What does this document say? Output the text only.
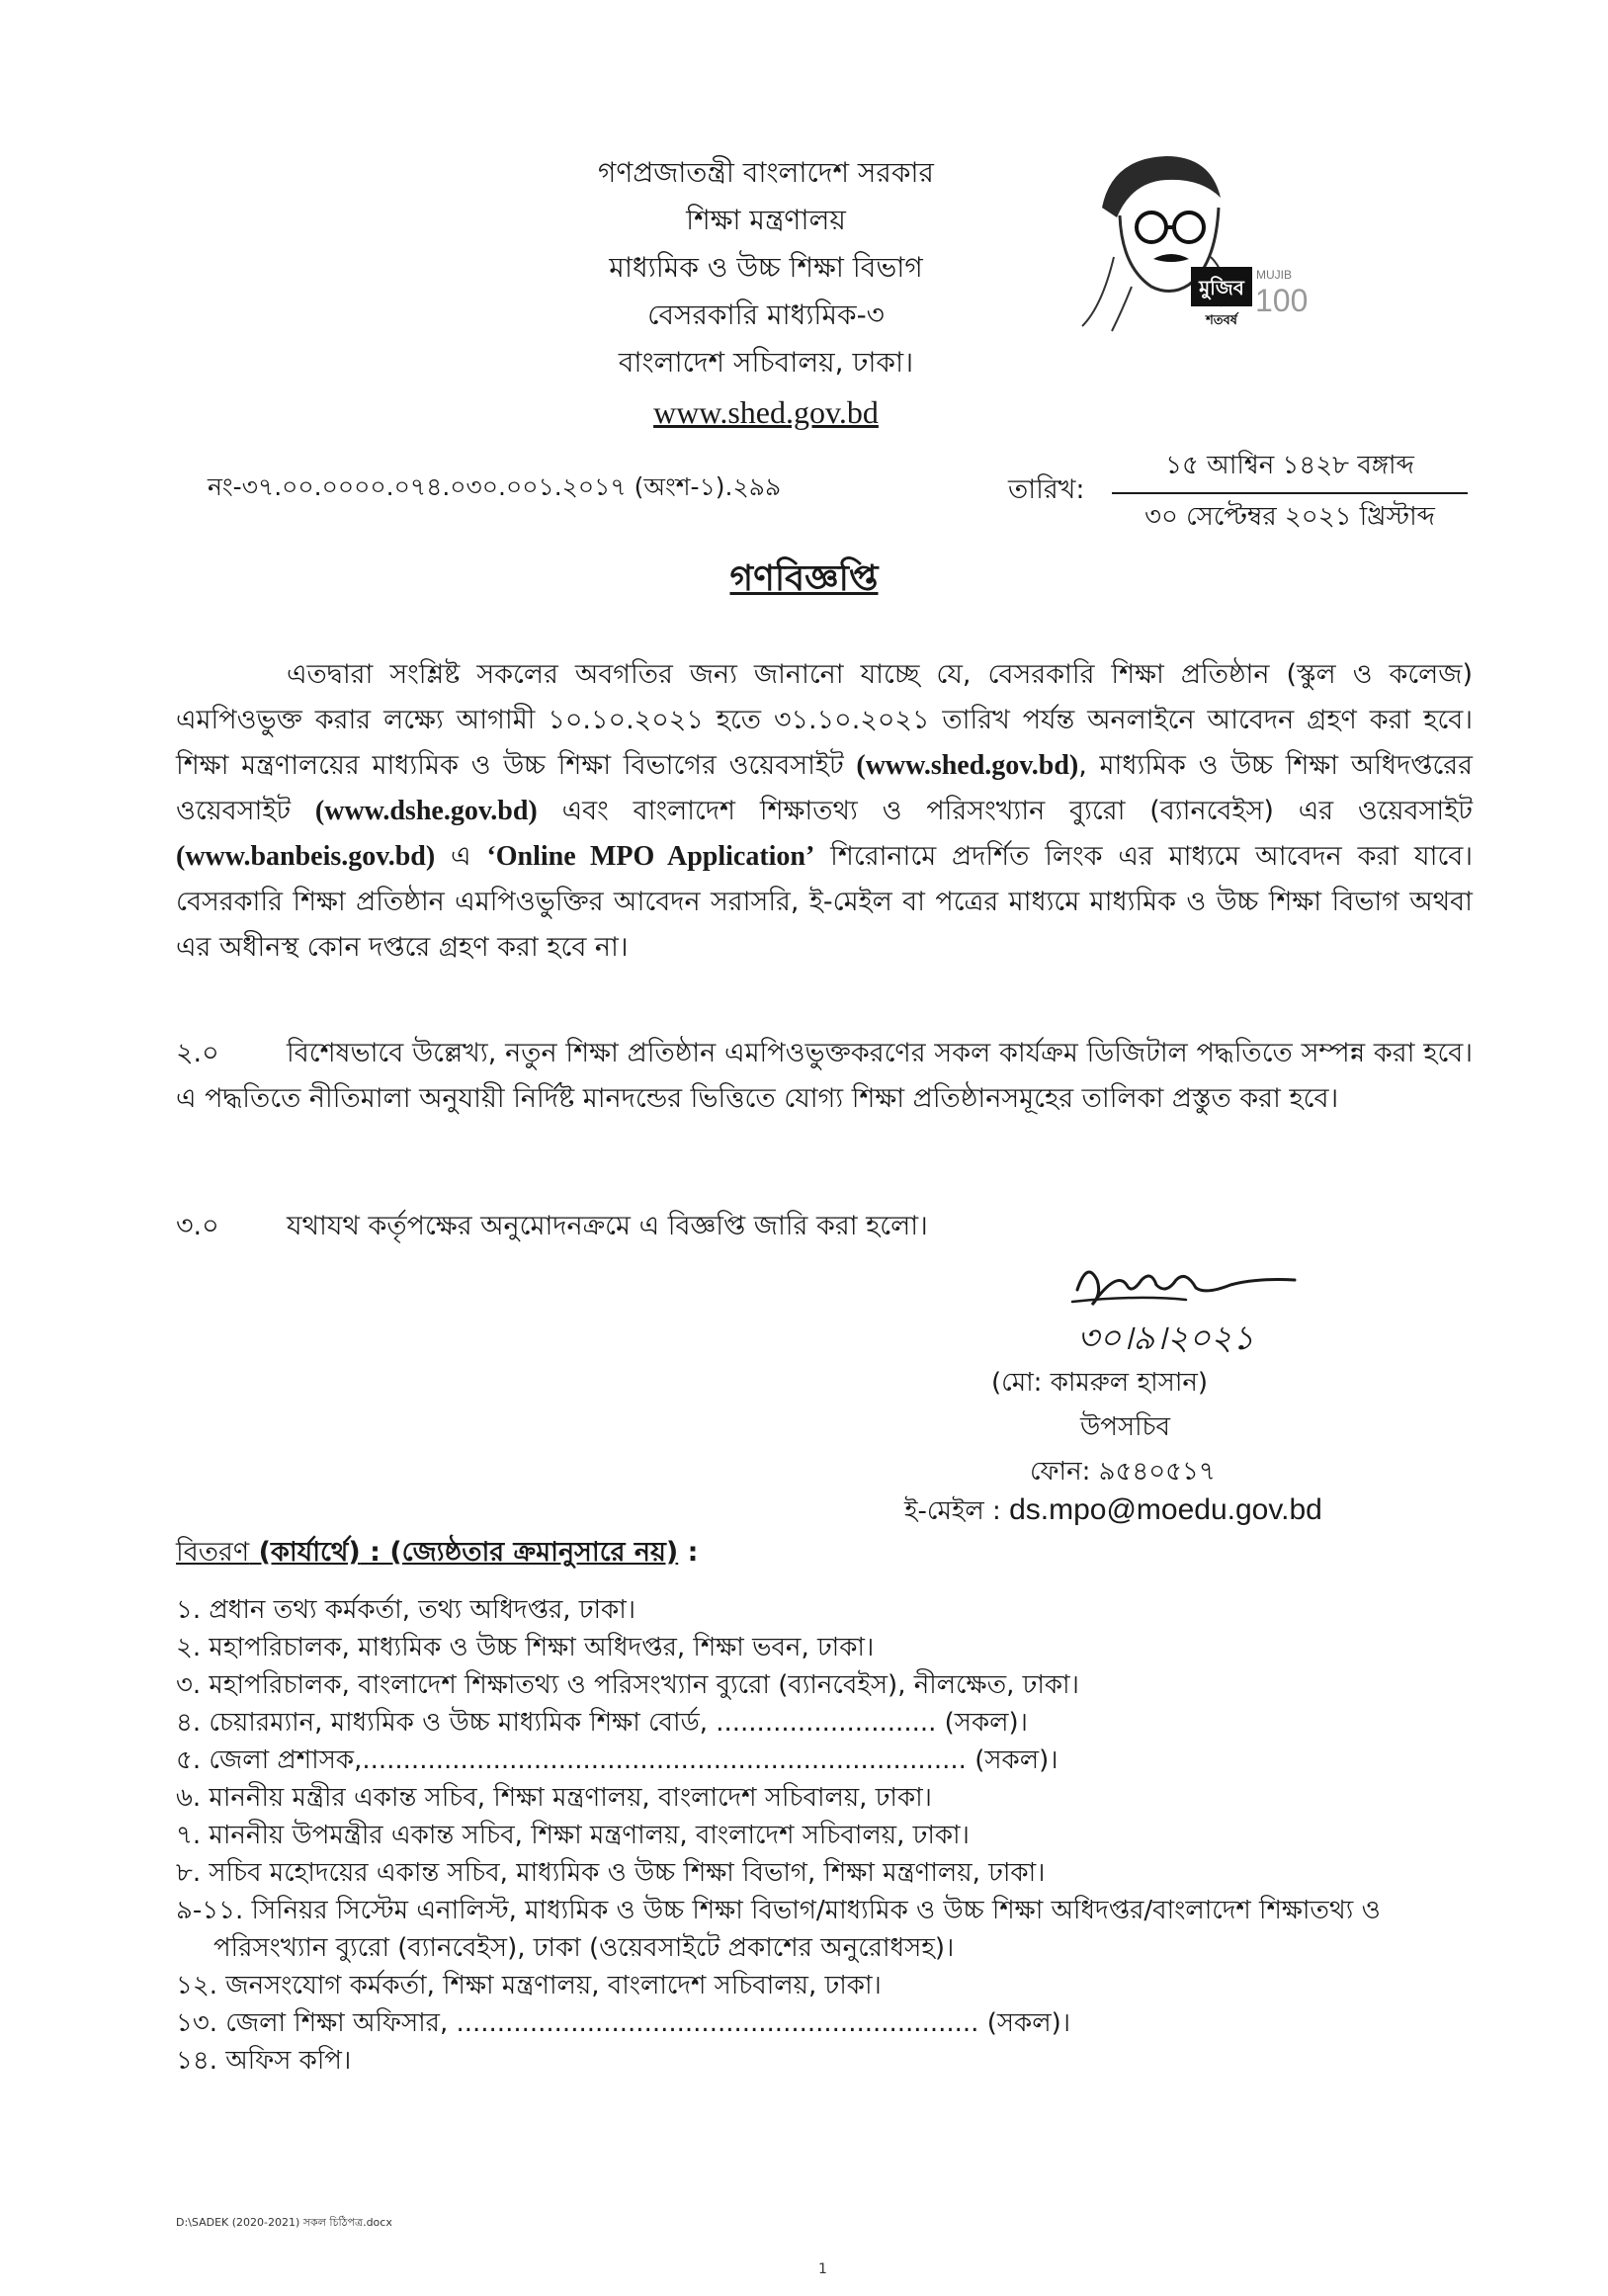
গণপ্রজাতন্ত্রী বাংলাদেশ সরকার
শিক্ষা মন্ত্রণালয়
মাধ্যমিক ও উচ্চ শিক্ষা বিভাগ
বেসরকারি মাধ্যমিক-৩
বাংলাদেশ সচিবালয়, ঢাকা।
www.shed.gov.bd
মুজিব
শতবর্ষ
MUJIB
100
নং-৩৭.০০.০০০০.০৭৪.০৩০.০০১.২০১৭ (অংশ-১).২৯৯	তারিখ:
১৫ আশ্বিন ১৪২৮ বঙ্গাব্দ
৩০ সেপ্টেম্বর ২০২১ খ্রিস্টাব্দ
গণবিজ্ঞপ্তি
এতদ্বারা সংশ্লিষ্ট সকলের অবগতির জন্য জানানো যাচ্ছে যে, বেসরকারি শিক্ষা প্রতিষ্ঠান (স্কুল ও কলেজ) এমপিওভুক্ত করার লক্ষ্যে আগামী ১০.১০.২০২১ হতে ৩১.১০.২০২১ তারিখ পর্যন্ত অনলাইনে আবেদন গ্রহণ করা হবে। শিক্ষা মন্ত্রণালয়ের মাধ্যমিক ও উচ্চ শিক্ষা বিভাগের ওয়েবসাইট (www.shed.gov.bd), মাধ্যমিক ও উচ্চ শিক্ষা অধিদপ্তরের ওয়েবসাইট (www.dshe.gov.bd) এবং বাংলাদেশ শিক্ষাতথ্য ও পরিসংখ্যান ব্যুরো (ব্যানবেইস) এর ওয়েবসাইট (www.banbeis.gov.bd) এ ‘Online MPO Application’ শিরোনামে প্রদর্শিত লিংক এর মাধ্যমে আবেদন করা যাবে। বেসরকারি শিক্ষা প্রতিষ্ঠান এমপিওভুক্তির আবেদন সরাসরি, ই-মেইল বা পত্রের মাধ্যমে মাধ্যমিক ও উচ্চ শিক্ষা বিভাগ অথবা এর অধীনস্থ কোন দপ্তরে গ্রহণ করা হবে না।
২.০	বিশেষভাবে উল্লেখ্য, নতুন শিক্ষা প্রতিষ্ঠান এমপিওভুক্তকরণের সকল কার্যক্রম ডিজিটাল পদ্ধতিতে সম্পন্ন করা হবে। এ পদ্ধতিতে নীতিমালা অনুযায়ী নির্দিষ্ট মানদন্ডের ভিত্তিতে যোগ্য শিক্ষা প্রতিষ্ঠানসমূহের তালিকা প্রস্তুত করা হবে।
৩.০	যথাযথ কর্তৃপক্ষের অনুমোদনক্রমে এ বিজ্ঞপ্তি জারি করা হলো।
৩০।৯।২০২১
(মো: কামরুল হাসান)
উপসচিব
ফোন: ৯৫৪০৫১৭
ই-মেইল : ds.mpo@moedu.gov.bd
বিতরণ (কার্যার্থে) : (জ্যেষ্ঠতার ক্রমানুসারে নয়) :
১. প্রধান তথ্য কর্মকর্তা, তথ্য অধিদপ্তর, ঢাকা।
২. মহাপরিচালক, মাধ্যমিক ও উচ্চ শিক্ষা অধিদপ্তর, শিক্ষা ভবন, ঢাকা।
৩. মহাপরিচালক, বাংলাদেশ শিক্ষাতথ্য ও পরিসংখ্যান ব্যুরো (ব্যানবেইস), নীলক্ষেত, ঢাকা।
৪. চেয়ারম্যান, মাধ্যমিক ও উচ্চ মাধ্যমিক শিক্ষা বোর্ড, ........................... (সকল)।
৫. জেলা প্রশাসক,.......................................................................... (সকল)।
৬. মাননীয় মন্ত্রীর একান্ত সচিব, শিক্ষা মন্ত্রণালয়, বাংলাদেশ সচিবালয়, ঢাকা।
৭. মাননীয় উপমন্ত্রীর একান্ত সচিব, শিক্ষা মন্ত্রণালয়, বাংলাদেশ সচিবালয়, ঢাকা।
৮. সচিব মহোদয়ের একান্ত সচিব, মাধ্যমিক ও উচ্চ শিক্ষা বিভাগ, শিক্ষা মন্ত্রণালয়, ঢাকা।
৯-১১. সিনিয়র সিস্টেম এনালিস্ট, মাধ্যমিক ও উচ্চ শিক্ষা বিভাগ/মাধ্যমিক ও উচ্চ শিক্ষা অধিদপ্তর/বাংলাদেশ শিক্ষাতথ্য ও পরিসংখ্যান ব্যুরো (ব্যানবেইস), ঢাকা (ওয়েবসাইটে প্রকাশের অনুরোধসহ)।
১২. জনসংযোগ কর্মকর্তা, শিক্ষা মন্ত্রণালয়, বাংলাদেশ সচিবালয়, ঢাকা।
১৩. জেলা শিক্ষা অফিসার, ................................................................ (সকল)।
১৪. অফিস কপি।
D:\SADEK (2020-2021) সকল চিঠিপত্র.docx
1
